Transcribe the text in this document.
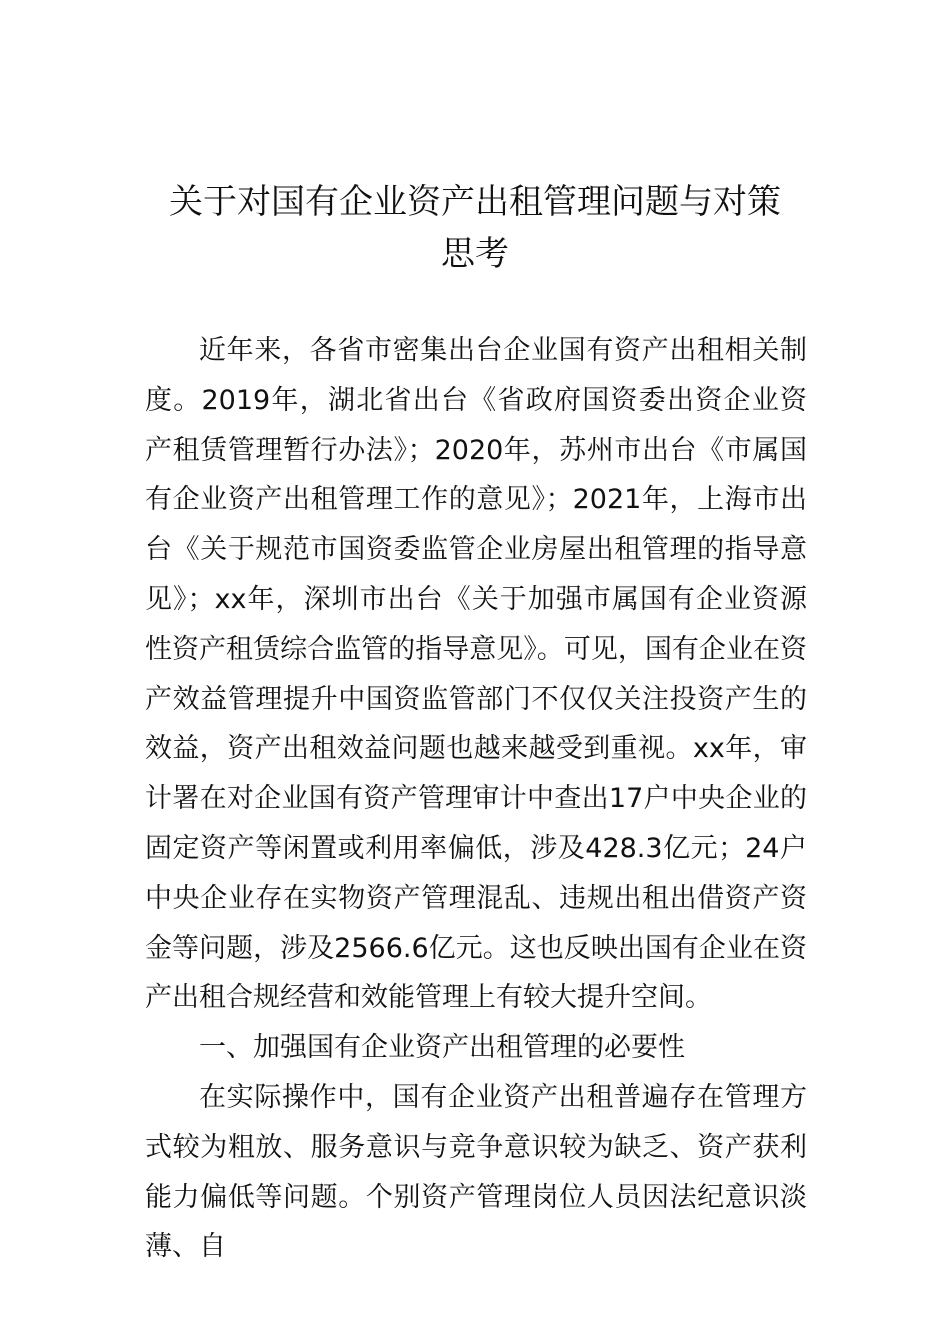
关于对国有企业资产出租管理问题与对策
思考

近年来，各省市密集出台企业国有资产出租相关制度。2019年，湖北省出台《省政府国资委出资企业资产租赁管理暂行办法》；2020年，苏州市出台《市属国有企业资产出租管理工作的意见》；2021年，上海市出台《关于规范市国资委监管企业房屋出租管理的指导意见》；xx年，深圳市出台《关于加强市属国有企业资源性资产租赁综合监管的指导意见》。可见，国有企业在资产效益管理提升中国资监管部门不仅仅关注投资产生的效益，资产出租效益问题也越来越受到重视。xx年，审计署在对企业国有资产管理审计中查出17户中央企业的固定资产等闲置或利用率偏低，涉及428.3亿元；24户中央企业存在实物资产管理混乱、违规出租出借资产资金等问题，涉及2566.6亿元。这也反映出国有企业在资产出租合规经营和效能管理上有较大提升空间。

一、加强国有企业资产出租管理的必要性

在实际操作中，国有企业资产出租普遍存在管理方式较为粗放、服务意识与竞争意识较为缺乏、资产获利能力偏低等问题。个别资产管理岗位人员因法纪意识淡薄、自
